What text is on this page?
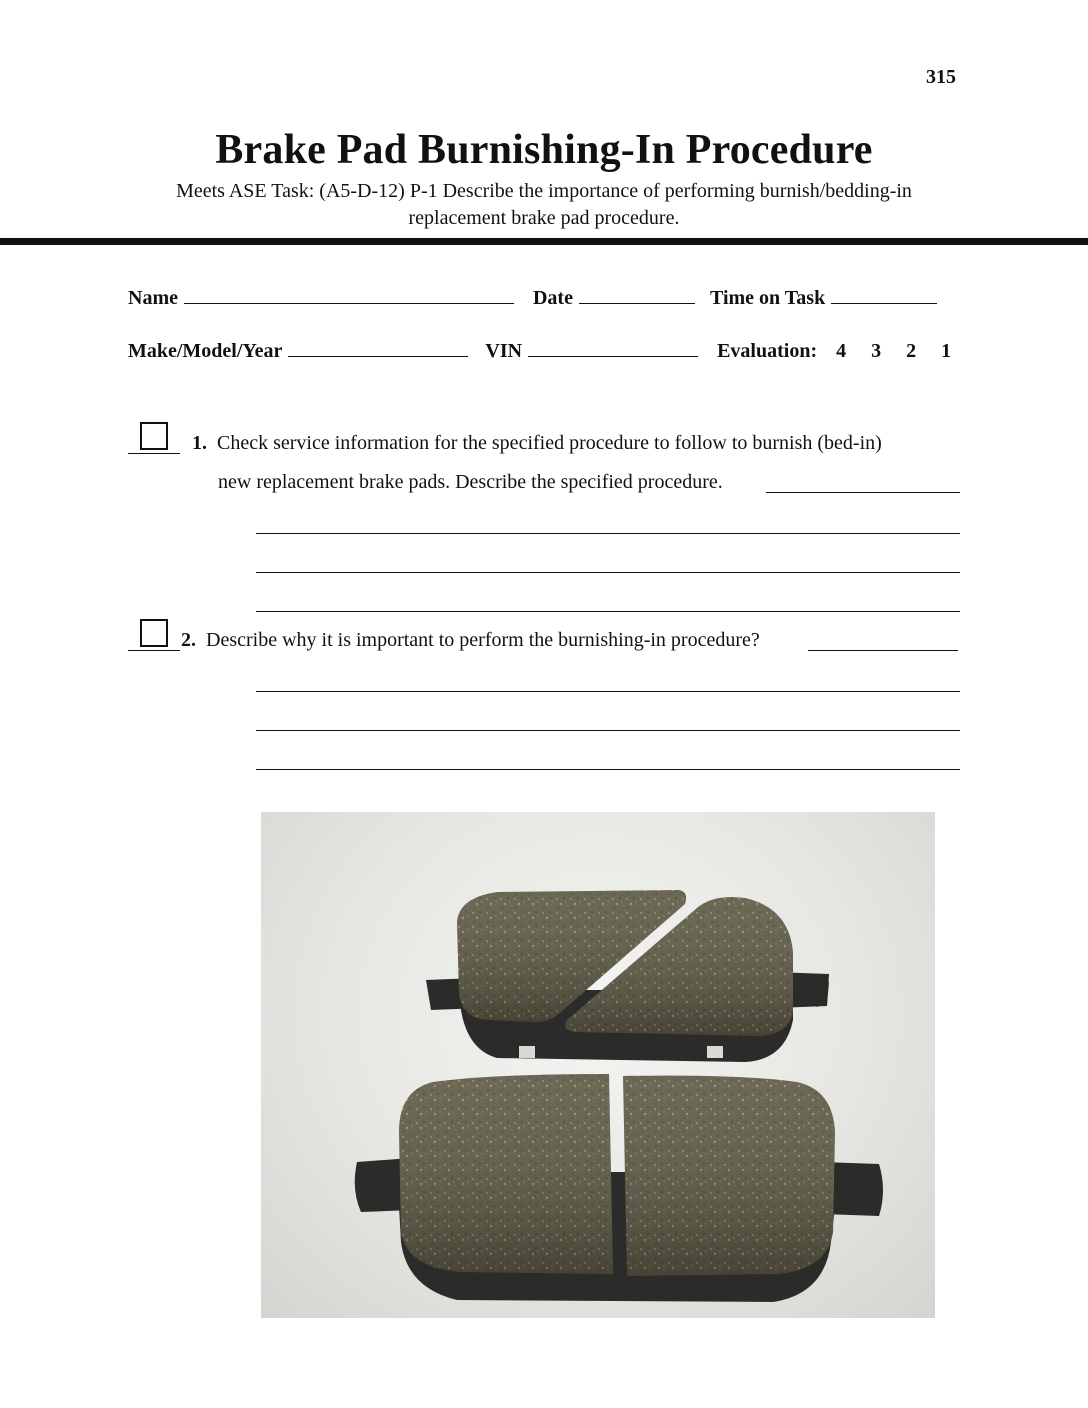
315
Brake Pad Burnishing-In Procedure
Meets ASE Task: (A5-D-12) P-1 Describe the importance of performing burnish/bedding-in
replacement brake pad procedure.
Name	Date	Time on Task
Make/Model/Year	VIN	Evaluation: 4 3 2 1
1. Check service information for the specified procedure to follow to burnish (bed-in)
new replacement brake pads. Describe the specified procedure.
2. Describe why it is important to perform the burnishing-in procedure?
